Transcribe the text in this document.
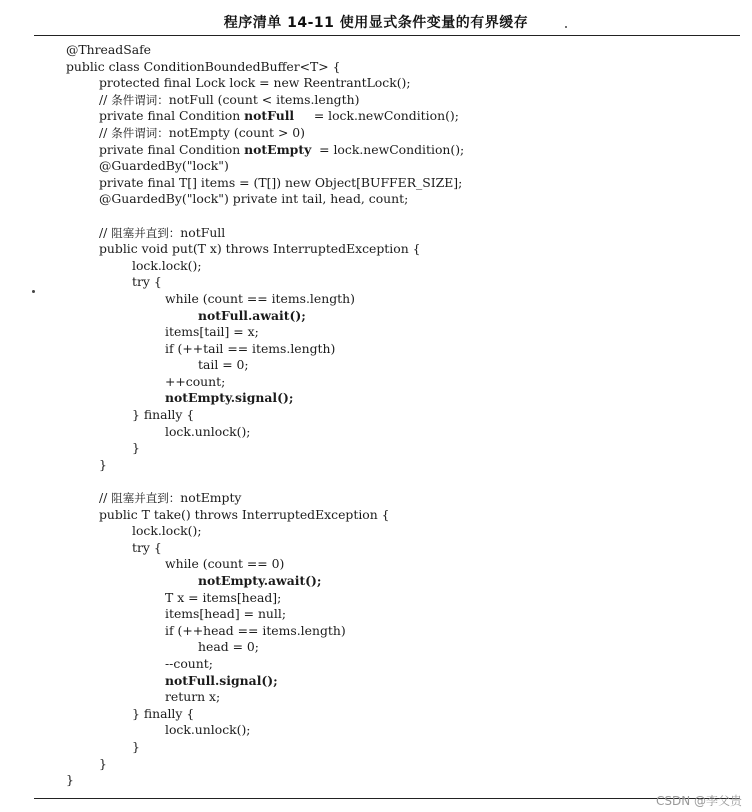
程序清单 14-11 使用显式条件变量的有界缓存
@ThreadSafe
public class ConditionBoundedBuffer<T> {
protected final Lock lock = new ReentrantLock();
// 条件谓词：notFull (count < items.length)
private final Condition notFull     = lock.newCondition();
// 条件谓词：notEmpty (count > 0)
private final Condition notEmpty  = lock.newCondition();
@GuardedBy("lock")
private final T[] items = (T[]) new Object[BUFFER_SIZE];
@GuardedBy("lock") private int tail, head, count;
// 阻塞并直到：notFull
public void put(T x) throws InterruptedException {
lock.lock();
try {
while (count == items.length)
notFull.await();
items[tail] = x;
if (++tail == items.length)
tail = 0;
++count;
notEmpty.signal();
} finally {
lock.unlock();
}
}
// 阻塞并直到：notEmpty
public T take() throws InterruptedException {
lock.lock();
try {
while (count == 0)
notEmpty.await();
T x = items[head];
items[head] = null;
if (++head == items.length)
head = 0;
--count;
notFull.signal();
return x;
} finally {
lock.unlock();
}
}
}
CSDN @李父贵
